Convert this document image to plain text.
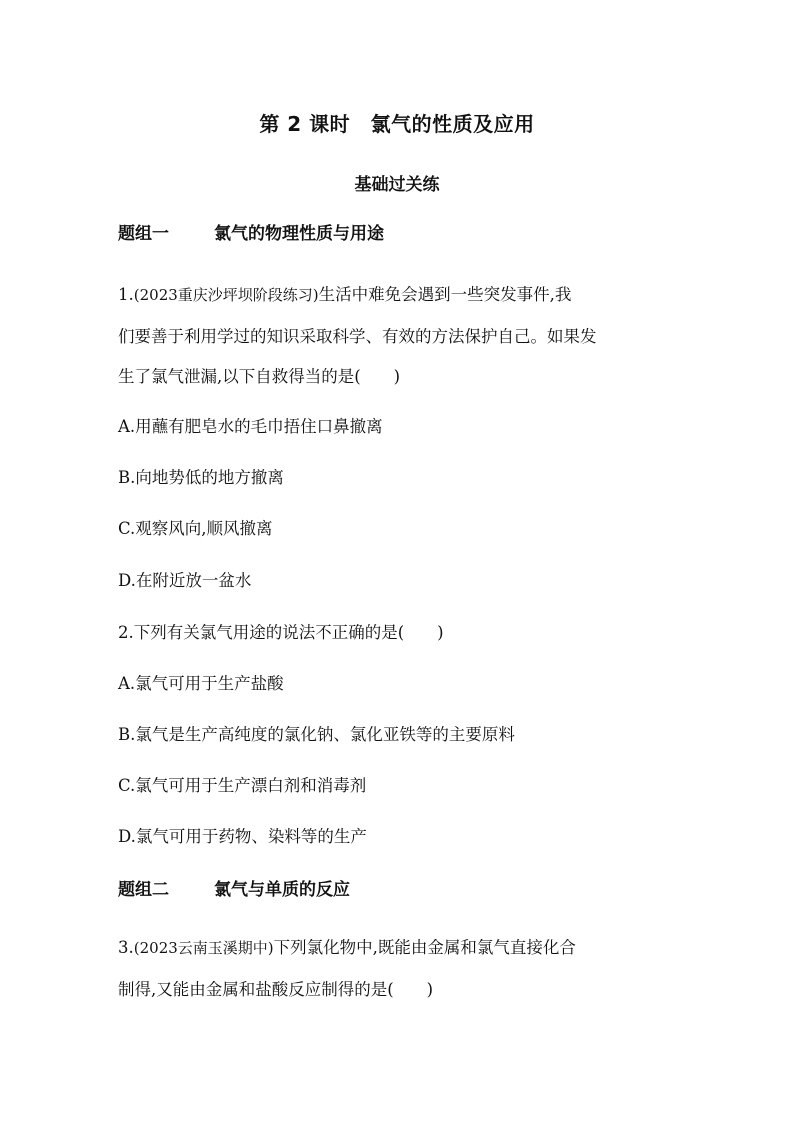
第 2 课时　氯气的性质及应用
基础过关练
题组一	氯气的物理性质与用途
1.(2023重庆沙坪坝阶段练习)生活中难免会遇到一些突发事件,我
们要善于利用学过的知识采取科学、有效的方法保护自己。如果发
生了氯气泄漏,以下自救得当的是(　　)
A.用蘸有肥皂水的毛巾捂住口鼻撤离
B.向地势低的地方撤离
C.观察风向,顺风撤离
D.在附近放一盆水
2.下列有关氯气用途的说法不正确的是(　　)
A.氯气可用于生产盐酸
B.氯气是生产高纯度的氯化钠、氯化亚铁等的主要原料
C.氯气可用于生产漂白剂和消毒剂
D.氯气可用于药物、染料等的生产
题组二	氯气与单质的反应
3.(2023云南玉溪期中)下列氯化物中,既能由金属和氯气直接化合
制得,又能由金属和盐酸反应制得的是(　　)
